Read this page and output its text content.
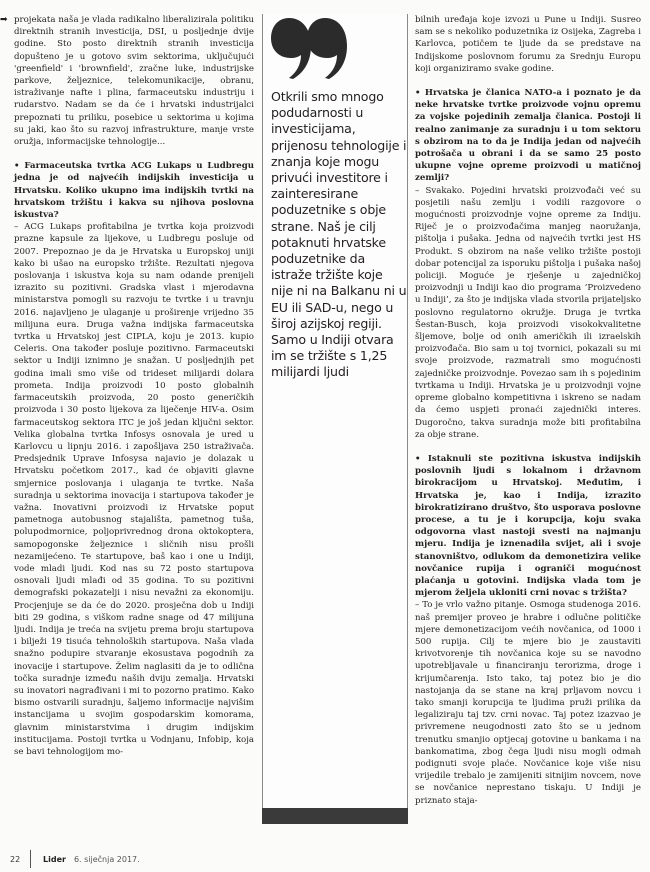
➡ projekata naša je vlada radikalno liberalizirala politiku direktnih stranih investicija, DSI, u posljednje dvije godine. Sto posto direktnih stranih investicija dopušteno je u gotovo svim sektorima, uključujući 'greenfield' i 'brownfield', zračne luke, industrijske parkove, željeznice, telekomunikacije, obranu, istraživanje nafte i plina, farmaceutsku industriju i rudarstvo. Nadam se da će i hrvatski industrijalci prepoznati tu priliku, posebice u sektorima u kojima su jaki, kao što su razvoj infrastrukture, manje vrste oružja, informacijske tehnologije...

• Farmaceutska tvrtka ACG Lukaps u Ludbregu jedna je od najvećih indijskih investicija u Hrvatsku. Koliko ukupno ima indijskih tvrtki na hrvatskom tržištu i kakva su njihova poslovna iskustva?

– ACG Lukaps profitabilna je tvrtka koja proizvodi prazne kapsule za lijekove, u Ludbregu posluje od 2007. Prepoznao je da je Hrvatska u Europskoj uniji kako bi ušao na europsko tržište. Rezultati njegova poslovanja i iskustva koja su nam odande prenijeli izrazito su pozitivni. Gradska vlast i mjerodavna ministarstva pomogli su razvoju te tvrtke i u travnju 2016. najavljeno je ulaganje u proširenje vrijedno 35 milijuna eura. Druga važna indijska farmaceutska tvrtka u Hrvatskoj jest CIPLA, koju je 2013. kupio Celeris. Ona također posluje pozitivno. Farmaceutski sektor u Indiji iznimno je snažan. U posljednjih pet godina imali smo više od trideset milijardi dolara prometa. Indija proizvodi 10 posto globalnih farmaceutskih proizvoda, 20 posto generičkih proizvoda i 30 posto lijekova za liječenje HIV-a. Osim farmaceutskog sektora ITC je još jedan ključni sektor. Velika globalna tvrtka Infosys osnovala je ured u Karlovcu u lipnju 2016. i zapošljava 250 istraživača. Predsjednik Uprave Infosysa najavio je dolazak u Hrvatsku početkom 2017., kad će objaviti glavne smjernice poslovanja i ulaganja te tvrtke. Naša suradnja u sektorima inovacija i startupova također je važna. Inovativni proizvodi iz Hrvatske poput pametnoga autobusnog stajališta, pametnog tuša, polupodmornice, poljoprivrednog drona oktokoptera, samopogonske željeznice i sličnih nisu prošli nezamijećeno. Te startupove, baš kao i one u Indiji, vode mladi ljudi. Kod nas su 72 posto startupova osnovali ljudi mlađi od 35 godina. To su pozitivni demografski pokazatelji i nisu nevažni za ekonomiju. Procjenjuje se da će do 2020. prosječna dob u Indiji biti 29 godina, s viškom radne snage od 47 milijuna ljudi. Indija je treća na svijetu prema broju startupova i bilježi 19 tisuća tehnoloških startupova. Naša vlada snažno podupire stvaranje ekosustava pogodnih za inovacije i startupove. Želim naglasiti da je to odlična točka suradnje između naših dviju zemalja. Hrvatski su inovatori nagrađivani i mi to pozorno pratimo. Kako bismo ostvarili suradnju, šaljemo informacije najvišim instancijama u svojim gospodarskim komorama, glavnim ministarstvima i drugim indijskim institucijama. Postoji tvrtka u Vodnjanu, Infobip, koja se bavi tehnologijom mo-

Otkrili smo mnogo podudarnosti u investicijama, prijenosu tehnologije i znanja koje mogu privući investitore i zainteresirane poduzetnike s obje strane. Naš je cilj potaknuti hrvatske poduzetnike da istraže tržište koje nije ni na Balkanu ni u EU ili SAD-u, nego u široj azijskoj regiji. Samo u Indiji otvara im se tržište s 1,25 milijardi ljudi

bilnih uređaja koje izvozi u Pune u Indiji. Susreo sam se s nekoliko poduzetnika iz Osijeka, Zagreba i Karlovca, potičem te ljude da se predstave na Indijskome poslovnom forumu za Srednju Europu koji organiziramo svake godine.

• Hrvatska je članica NATO-a i poznato je da neke hrvatske tvrtke proizvode vojnu opremu za vojske pojedinih zemalja članica. Postoji li realno zanimanje za suradnju i u tom sektoru s obzirom na to da je Indija jedan od najvećih potrošača u obrani i da se samo 25 posto ukupne vojne opreme proizvodi u matičnoj zemlji?

– Svakako. Pojedini hrvatski proizvođači već su posjetili našu zemlju i vodili razgovore o mogućnosti proizvodnje vojne opreme za Indiju. Riječ je o proizvođačima manjeg naoružanja, pištolja i pušaka. Jedna od najvećih tvrtki jest HS Produkt. S obzirom na naše veliko tržište postoji dobar potencijal za isporuku pištolja i pušaka našoj policiji. Moguće je rješenje u zajedničkoj proizvodnji u Indiji kao dio programa ‘Proizvedeno u Indiji’, za što je indijska vlada stvorila prijateljsko poslovno regulatorno okružje. Druga je tvrtka Šestan-Busch, koja proizvodi visokokvalitetne šljemove, bolje od onih američkih ili izraelskih proizvođača. Bio sam u toj tvornici, pokazali su mi svoje proizvode, razmatrali smo mogućnosti zajedničke proizvodnje. Povezao sam ih s pojedinim tvrtkama u Indiji. Hrvatska je u proizvodnji vojne opreme globalno kompetitivna i iskreno se nadam da ćemo uspjeti pronaći zajednički interes. Dugoročno, takva suradnja može biti profitabilna za obje strane.

• Istaknuli ste pozitivna iskustva indijskih poslovnih ljudi s lokalnom i državnom birokracijom u Hrvatskoj. Međutim, i Hrvatska je, kao i Indija, izrazito birokratizirano društvo, što usporava poslovne procese, a tu je i korupcija, koju svaka odgovorna vlast nastoji svesti na najmanju mjeru. Indija je iznenadila svijet, ali i svoje stanovništvo, odlukom da demonetizira velike novčanice rupija i ograniči mogućnost plaćanja u gotovini. Indijska vlada tom je mjerom željela ukloniti crni novac s tržišta?

– To je vrlo važno pitanje. Osmoga studenoga 2016. naš premijer proveo je hrabre i odlučne političke mjere demonetizacijom većih novčanica, od 1000 i 500 rupija. Cilj te mjere bio je zaustaviti krivotvorenje tih novčanica koje su se navodno upotrebljavale u financiranju terorizma, droge i krijumčarenja. Isto tako, taj potez bio je dio nastojanja da se stane na kraj prljavom novcu i tako smanji korupcija te ljudima pruži prilika da legaliziraju taj tzv. crni novac. Taj potez izazvao je privremene neugodnosti zato što se u jednom trenutku smanjio optjecaj gotovine u bankama i na bankomatima, zbog čega ljudi nisu mogli odmah podignuti svoje plaće. Novčanice koje više nisu vrijedile trebalo je zamijeniti sitnijim novcem, nove se novčanice neprestano tiskaju. U Indiji je priznato staja-

22	Lider 6. siječnja 2017.
